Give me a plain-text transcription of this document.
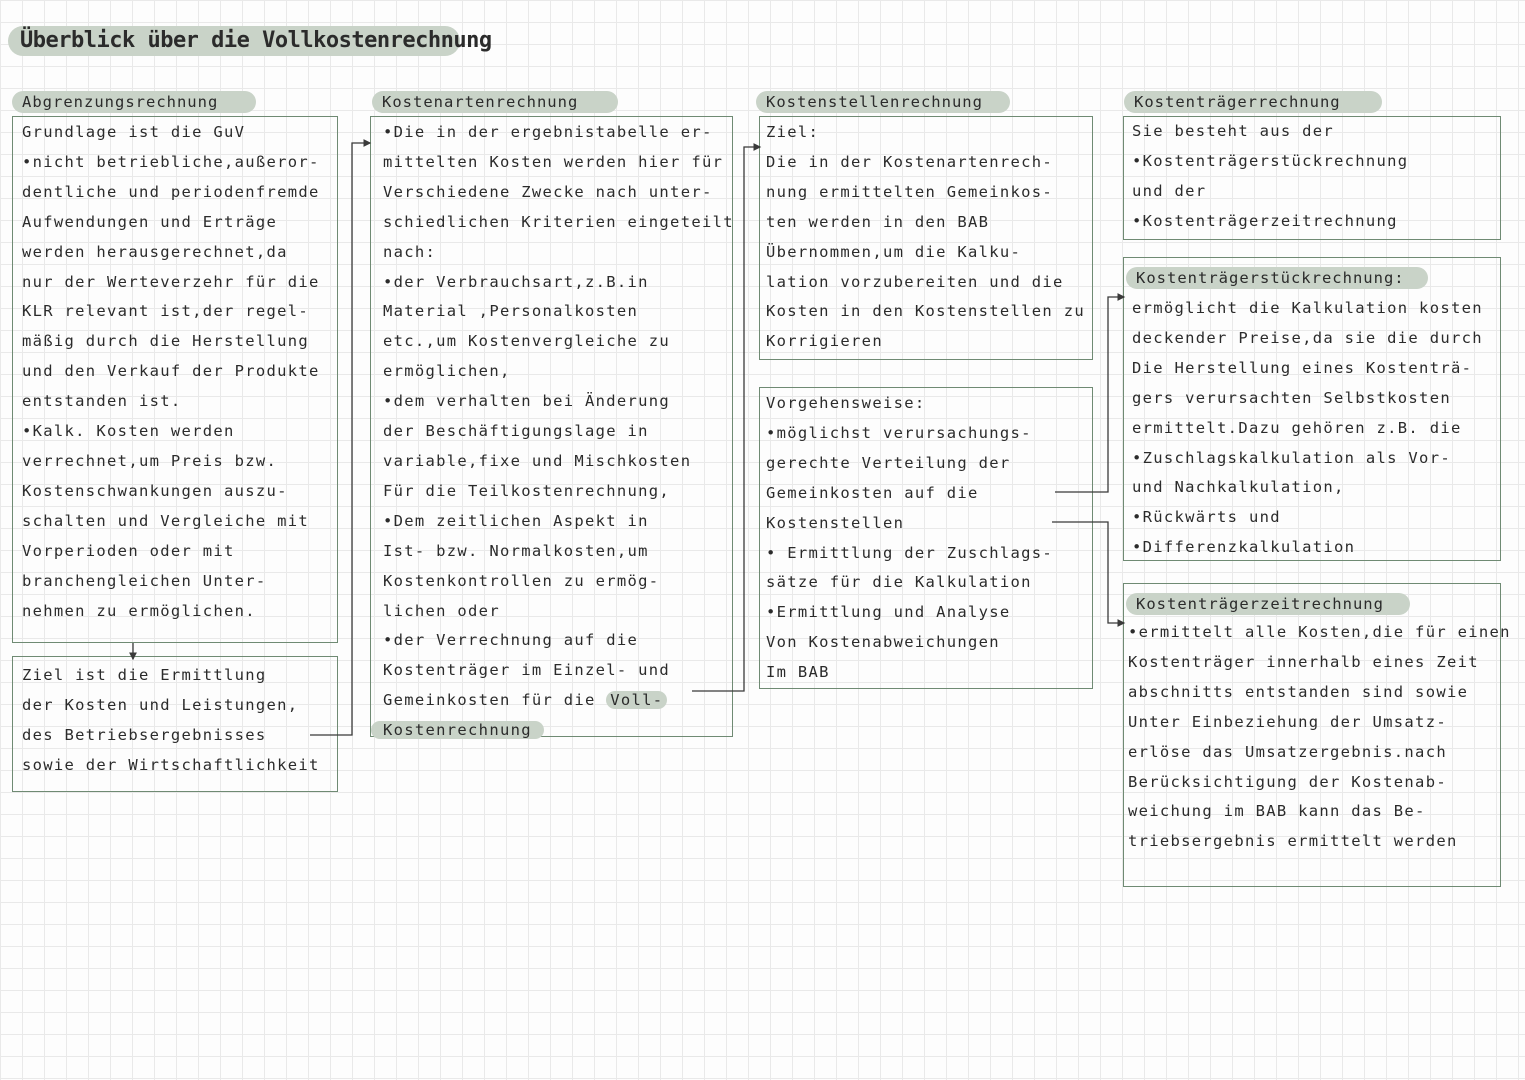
Überblick über die Vollkostenrechnung
Abgrenzungsrechnung
Grundlage ist die GuV
•nicht betriebliche,außeror-
dentliche und periodenfremde
Aufwendungen und Erträge
werden herausgerechnet,da
nur der Werteverzehr für die
KLR relevant ist,der regel-
mäßig durch die Herstellung
und den Verkauf der Produkte
entstanden ist.
•Kalk. Kosten werden
verrechnet,um Preis bzw.
Kostenschwankungen auszu-
schalten und Vergleiche mit
Vorperioden oder mit
branchengleichen Unter-
nehmen zu ermöglichen.
Ziel ist die Ermittlung
der Kosten und Leistungen,
des Betriebsergebnisses
sowie der Wirtschaftlichkeit
Kostenartenrechnung
•Die in der ergebnistabelle er-
mittelten Kosten werden hier für
Verschiedene Zwecke nach unter-
schiedlichen Kriterien eingeteilt
nach:
•der Verbrauchsart,z.B.in
Material ,Personalkosten
etc.,um Kostenvergleiche zu
ermöglichen,
•dem verhalten bei Änderung
der Beschäftigungslage in
variable,fixe und Mischkosten
Für die Teilkostenrechnung,
•Dem zeitlichen Aspekt in
Ist- bzw. Normalkosten,um
Kostenkontrollen zu ermög-
lichen oder
•der Verrechnung auf die
Kostenträger im Einzel- und
Gemeinkosten für die Voll-
Kostenrechnung
Kostenstellenrechnung
Ziel:
Die in der Kostenartenrech-
nung ermittelten Gemeinkos-
ten werden in den BAB
Übernommen,um die Kalku-
lation vorzubereiten und die
Kosten in den Kostenstellen zu
Korrigieren
Vorgehensweise:
•möglichst verursachungs-
gerechte Verteilung der
Gemeinkosten auf die
Kostenstellen
• Ermittlung der Zuschlags-
sätze für die Kalkulation
•Ermittlung und Analyse
Von Kostenabweichungen
Im BAB
Kostenträgerrechnung
Sie besteht aus der
•Kostenträgerstückrechnung
und der
•Kostenträgerzeitrechnung
Kostenträgerstückrechnung:
ermöglicht die Kalkulation kosten
deckender Preise,da sie die durch
Die Herstellung eines Kostenträ-
gers verursachten Selbstkosten
ermittelt.Dazu gehören z.B. die
•Zuschlagskalkulation als Vor-
und Nachkalkulation,
•Rückwärts und
•Differenzkalkulation
Kostenträgerzeitrechnung
•ermittelt alle Kosten,die für einen
Kostenträger innerhalb eines Zeit
abschnitts entstanden sind sowie
Unter Einbeziehung der Umsatz-
erlöse das Umsatzergebnis.nach
Berücksichtigung der Kostenab-
weichung im BAB kann das Be-
triebsergebnis ermittelt werden
